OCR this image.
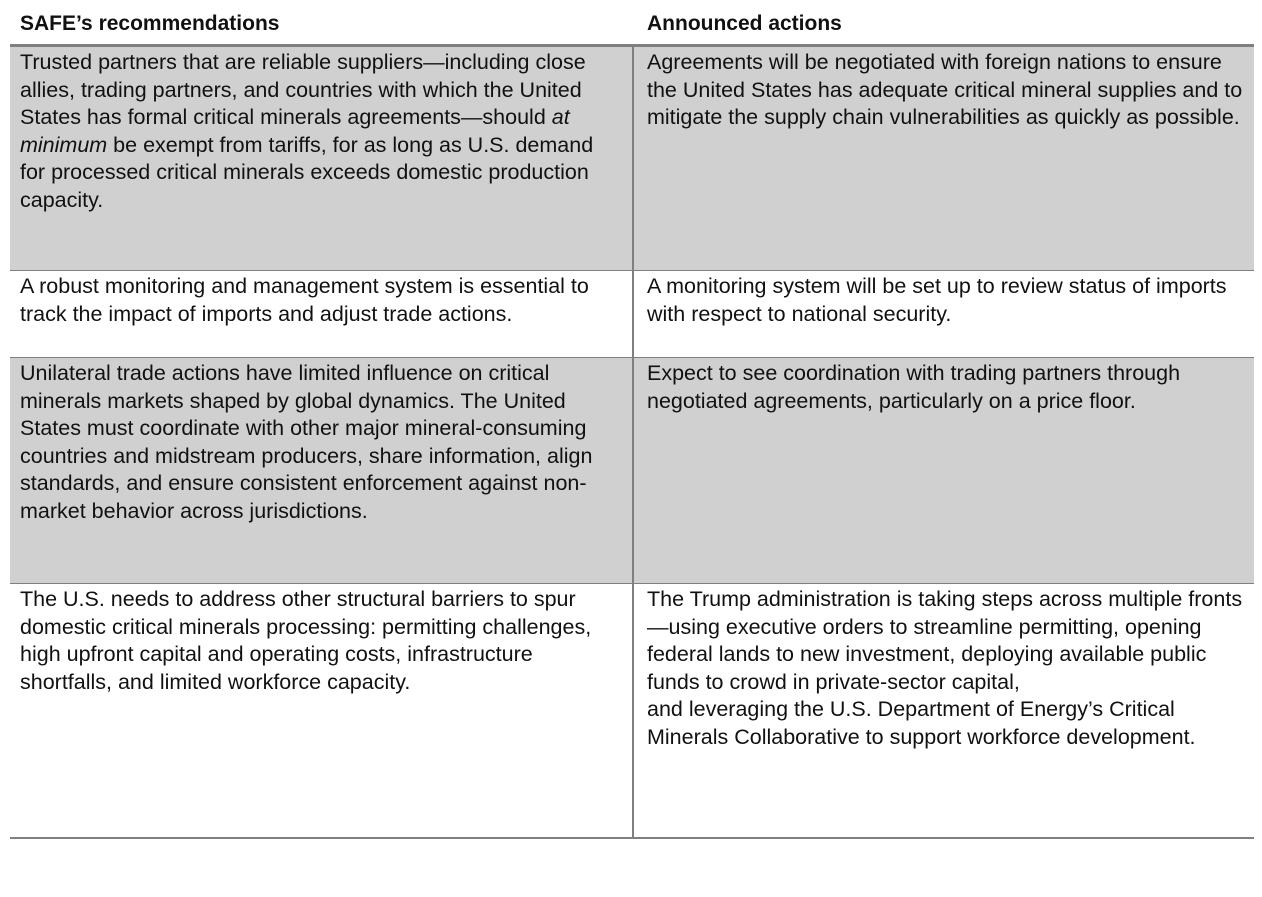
SAFE’s recommendations	Announced actions
Trusted partners that are reliable suppliers—including close allies, trading partners, and countries with which the United States has formal critical minerals agreements—should at minimum be exempt from tariffs, for as long as U.S. demand for processed critical minerals exceeds domestic production capacity.
Agreements will be negotiated with foreign nations to ensure the United States has adequate critical mineral supplies and to mitigate the supply chain vulnerabilities as quickly as possible.
A robust monitoring and management system is essential to track the impact of imports and adjust trade actions.
A monitoring system will be set up to review status of imports with respect to national security.
Unilateral trade actions have limited influence on critical minerals markets shaped by global dynamics. The United States must coordinate with other major mineral-consuming countries and midstream producers, share information, align standards, and ensure consistent enforcement against non-market behavior across jurisdictions.
Expect to see coordination with trading partners through negotiated agreements, particularly on a price floor.
The U.S. needs to address other structural barriers to spur domestic critical minerals processing: permitting challenges, high upfront capital and operating costs, infrastructure shortfalls, and limited workforce capacity.
The Trump administration is taking steps across multiple fronts—using executive orders to streamline permitting, opening federal lands to new investment, deploying available public funds to crowd in private-sector capital,
and leveraging the U.S. Department of Energy’s Critical Minerals Collaborative to support workforce development.
